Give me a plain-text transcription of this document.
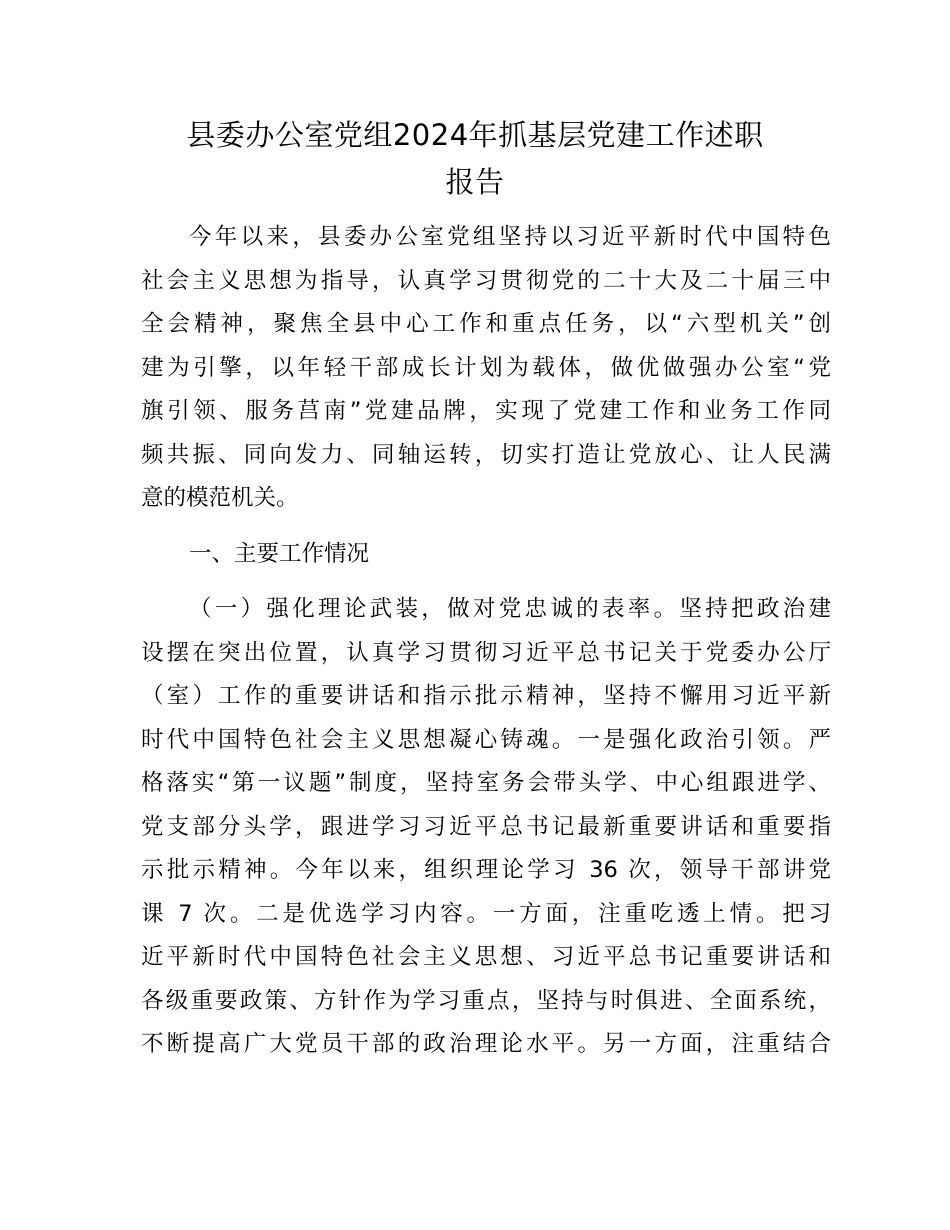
县委办公室党组2024年抓基层党建工作述职
报告
今年以来，县委办公室党组坚持以习近平新时代中国特色
社会主义思想为指导，认真学习贯彻党的二十大及二十届三中
全会精神，聚焦全县中心工作和重点任务，以“六型机关”创
建为引擎，以年轻干部成长计划为载体，做优做强办公室“党
旗引领、服务莒南”党建品牌，实现了党建工作和业务工作同
频共振、同向发力、同轴运转，切实打造让党放心、让人民满
意的模范机关。
一、主要工作情况
（一）强化理论武装，做对党忠诚的表率。坚持把政治建
设摆在突出位置，认真学习贯彻习近平总书记关于党委办公厅
（室）工作的重要讲话和指示批示精神，坚持不懈用习近平新
时代中国特色社会主义思想凝心铸魂。一是强化政治引领。严
格落实“第一议题”制度，坚持室务会带头学、中心组跟进学、
党支部分头学，跟进学习习近平总书记最新重要讲话和重要指
示批示精神。今年以来，组织理论学习 36 次，领导干部讲党
课 7 次。二是优选学习内容。一方面，注重吃透上情。把习
近平新时代中国特色社会主义思想、习近平总书记重要讲话和
各级重要政策、方针作为学习重点，坚持与时俱进、全面系统，
不断提高广大党员干部的政治理论水平。另一方面，注重结合
